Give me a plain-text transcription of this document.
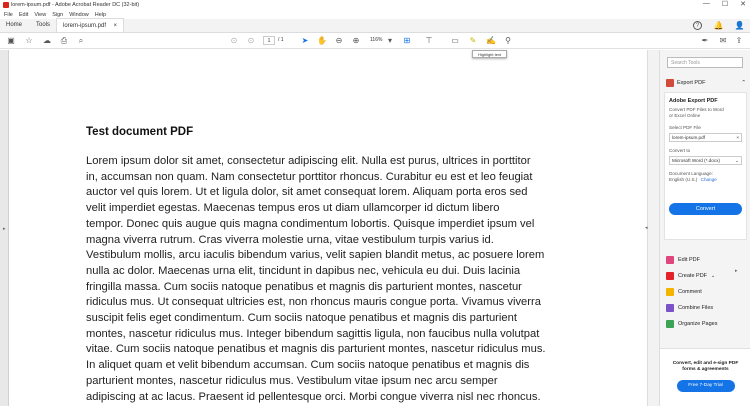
lorem-ipsum.pdf - Adobe Acrobat Reader DC (32-bit)	— ☐ ✕
File Edit View Sign Window Help
Home	Tools	lorem-ipsum.pdf ×	?	🔔 👤
▣ ☆ ☁ ⎙	⌕	⊙ ⊙	1	/ 1 ➤ ✋ ⊖ ⊕	116% ▾	⊞ ⊤ ▭ ✎ ✍ ⚲	✒ ✉ ⇪
Highlight text
▸
Test document PDF
Lorem ipsum dolor sit amet, consectetur adipiscing elit. Nulla est purus, ultrices in porttitor
in, accumsan non quam. Nam consectetur porttitor rhoncus. Curabitur eu est et leo feugiat
auctor vel quis lorem. Ut et ligula dolor, sit amet consequat lorem. Aliquam porta eros sed
velit imperdiet egestas. Maecenas tempus eros ut diam ullamcorper id dictum libero
tempor. Donec quis augue quis magna condimentum lobortis. Quisque imperdiet ipsum vel
magna viverra rutrum. Cras viverra molestie urna, vitae vestibulum turpis varius id.
Vestibulum mollis, arcu iaculis bibendum varius, velit sapien blandit metus, ac posuere lorem
nulla ac dolor. Maecenas urna elit, tincidunt in dapibus nec, vehicula eu dui. Duis lacinia
fringilla massa. Cum sociis natoque penatibus et magnis dis parturient montes, nascetur
ridiculus mus. Ut consequat ultricies est, non rhoncus mauris congue porta. Vivamus viverra
suscipit felis eget condimentum. Cum sociis natoque penatibus et magnis dis parturient
montes, nascetur ridiculus mus. Integer bibendum sagittis ligula, non faucibus nulla volutpat
vitae. Cum sociis natoque penatibus et magnis dis parturient montes, nascetur ridiculus mus.
In aliquet quam et velit bibendum accumsan. Cum sociis natoque penatibus et magnis dis
parturient montes, nascetur ridiculus mus. Vestibulum vitae ipsum nec arcu semper
adipiscing at ac lacus. Praesent id pellentesque orci. Morbi congue viverra nisl nec rhoncus.
◂
Search Tools
Export PDF	⌃
Adobe Export PDF
Convert PDF Files to Word
or Excel Online
Select PDF File
lorem-ipsum.pdf	×
Convert to
Microsoft Word (*.docx)	⌄
Document Language:
English (U.S.) Change
Convert
Edit PDF
Create PDF ⌄
Comment
Combine Files
Organize Pages
▸
Convert, edit and e-sign PDF
forms & agreements
Free 7-Day Trial
